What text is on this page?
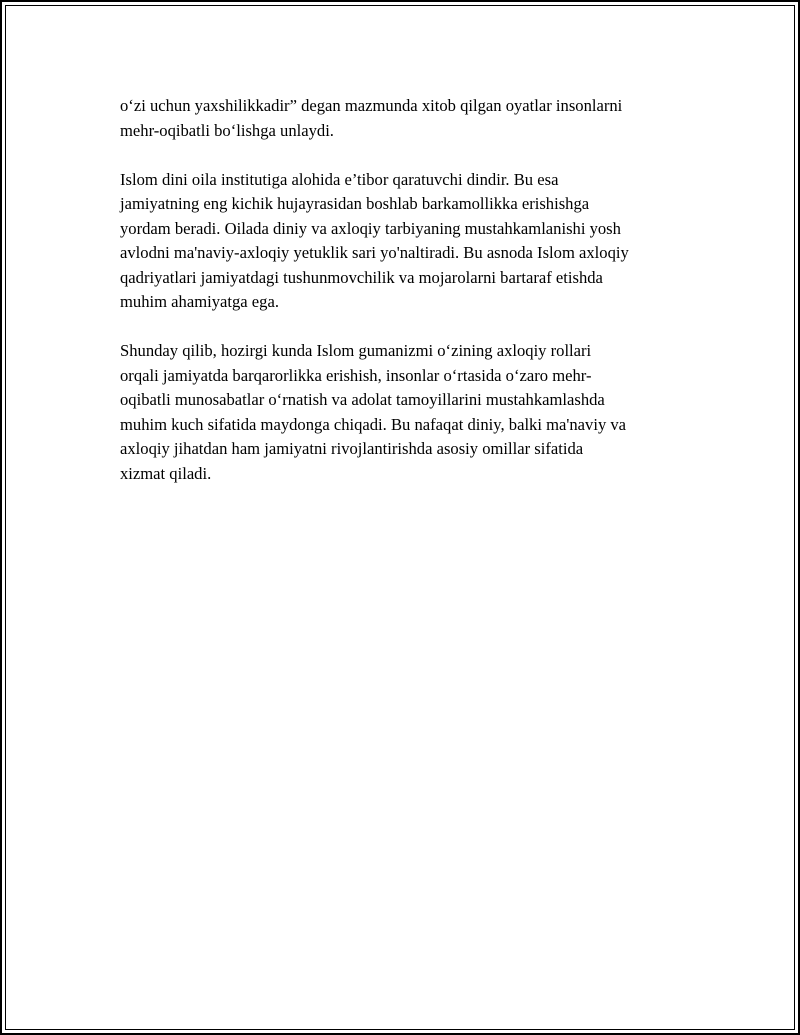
o‘zi uchun yaxshilikkadir” degan mazmunda xitob qilgan oyatlar insonlarni
mehr-oqibatli bo‘lishga unlaydi.

Islom dini oila institutiga alohida e’tibor qaratuvchi dindir. Bu esa
jamiyatning eng kichik hujayrasidan boshlab barkamollikka erishishga
yordam beradi. Oilada diniy va axloqiy tarbiyaning mustahkamlanishi yosh
avlodni ma'naviy-axloqiy yetuklik sari yo'naltiradi. Bu asnoda Islom axloqiy
qadriyatlari jamiyatdagi tushunmovchilik va mojarolarni bartaraf etishda
muhim ahamiyatga ega.

Shunday qilib, hozirgi kunda Islom gumanizmi o‘zining axloqiy rollari
orqali jamiyatda barqarorlikka erishish, insonlar o‘rtasida o‘zaro mehr-
oqibatli munosabatlar o‘rnatish va adolat tamoyillarini mustahkamlashda
muhim kuch sifatida maydonga chiqadi. Bu nafaqat diniy, balki ma'naviy va
axloqiy jihatdan ham jamiyatni rivojlantirishda asosiy omillar sifatida
xizmat qiladi.
